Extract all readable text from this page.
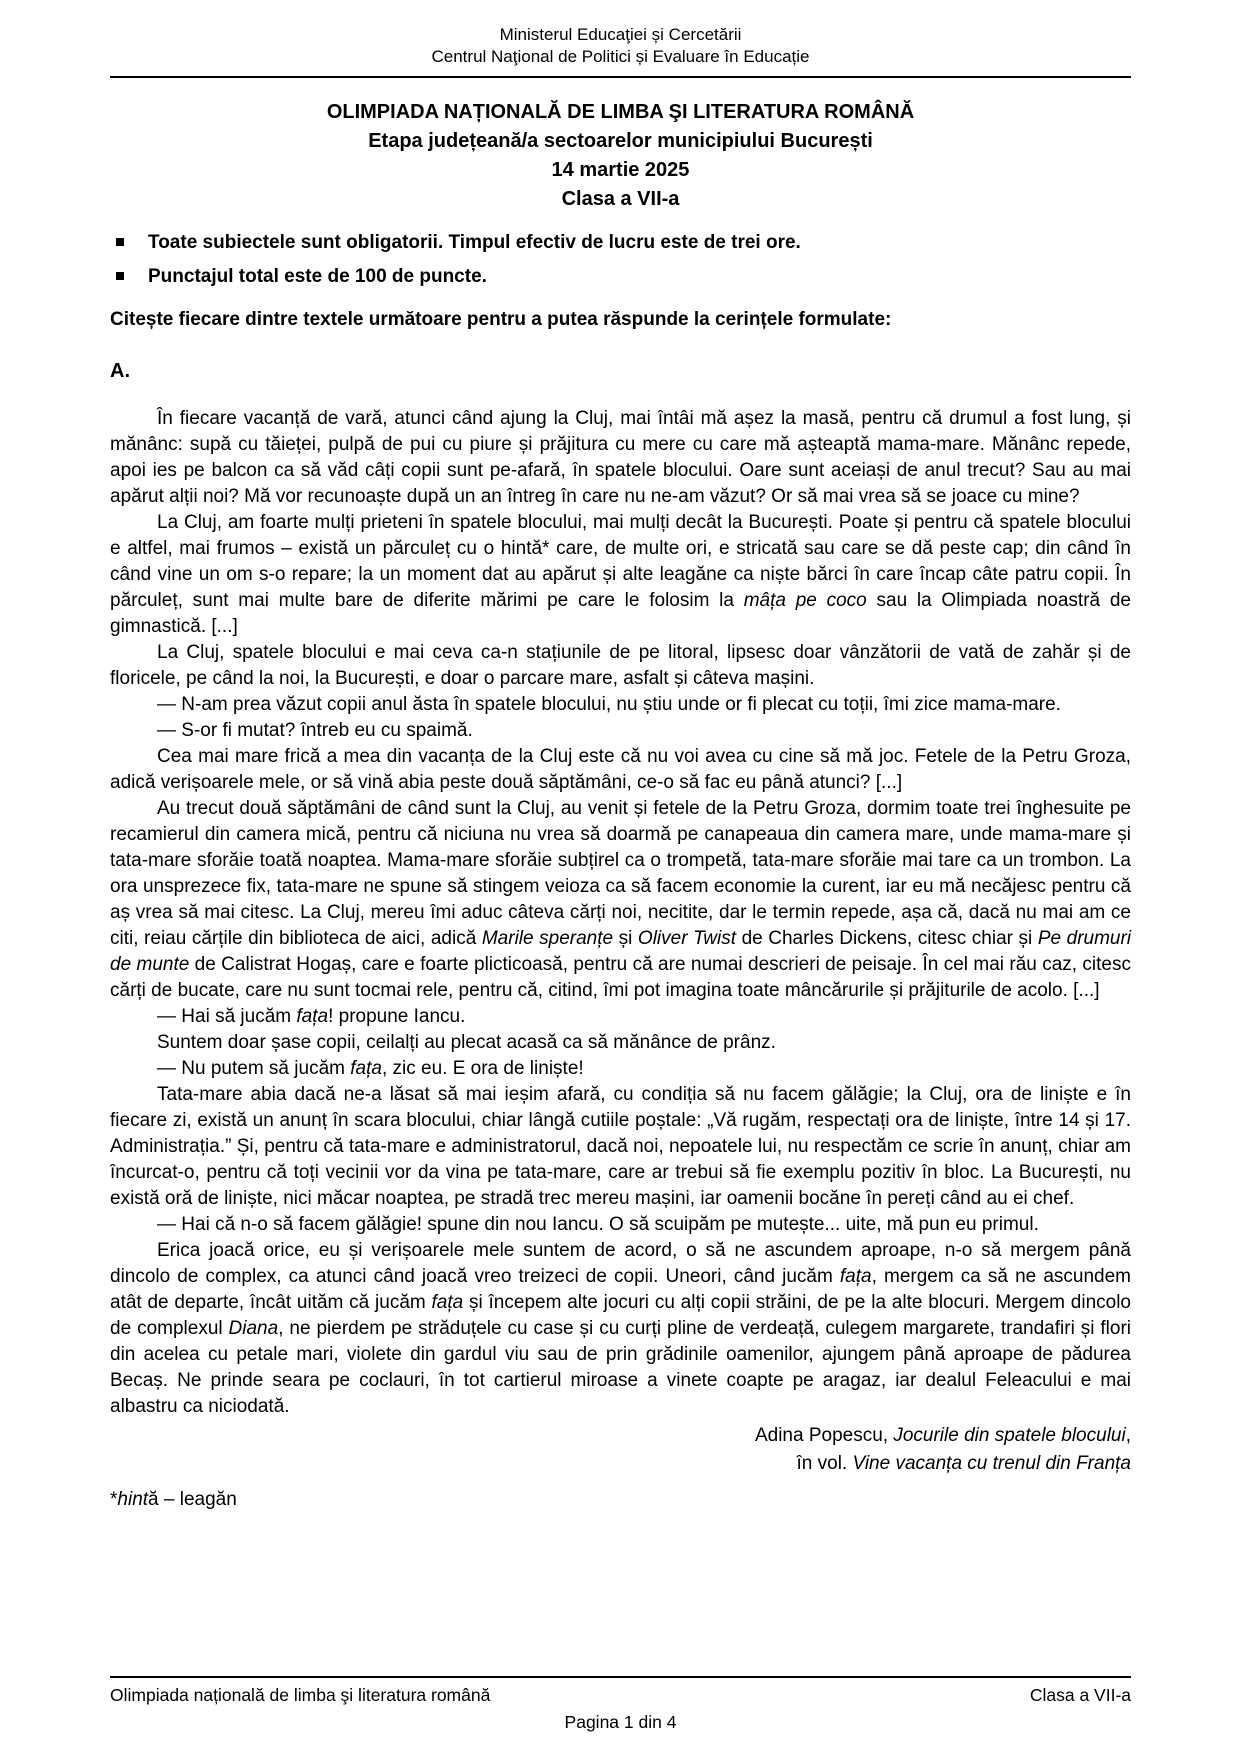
Ministerul Educaţiei și Cercetării
Centrul Naţional de Politici și Evaluare în Educație
OLIMPIADA NAȚIONALĂ DE LIMBA ŞI LITERATURA ROMÂNĂ
Etapa județeană/a sectoarelor municipiului București
14 martie 2025
Clasa a VII-a
Toate subiectele sunt obligatorii. Timpul efectiv de lucru este de trei ore.
Punctajul total este de 100 de puncte.
Citește fiecare dintre textele următoare pentru a putea răspunde la cerințele formulate:
A.

În fiecare vacanță de vară, atunci când ajung la Cluj, mai întâi mă așez la masă, pentru că drumul a fost lung, și mănânc: supă cu tăieței, pulpă de pui cu piure și prăjitura cu mere cu care mă așteaptă mama-mare. Mănânc repede, apoi ies pe balcon ca să văd câți copii sunt pe-afară, în spatele blocului. Oare sunt aceiași de anul trecut? Sau au mai apărut alții noi? Mă vor recunoaște după un an întreg în care nu ne-am văzut? Or să mai vrea să se joace cu mine?

La Cluj, am foarte mulți prieteni în spatele blocului, mai mulți decât la București. Poate și pentru că spatele blocului e altfel, mai frumos – există un părculeț cu o hintă* care, de multe ori, e stricată sau care se dă peste cap; din când în când vine un om s-o repare; la un moment dat au apărut și alte leagăne ca niște bărci în care încap câte patru copii. În părculeț, sunt mai multe bare de diferite mărimi pe care le folosim la mâța pe coco sau la Olimpiada noastră de gimnastică. [...]

La Cluj, spatele blocului e mai ceva ca-n stațiunile de pe litoral, lipsesc doar vânzătorii de vată de zahăr și de floricele, pe când la noi, la București, e doar o parcare mare, asfalt și câteva mașini.

— N-am prea văzut copii anul ăsta în spatele blocului, nu știu unde or fi plecat cu toții, îmi zice mama-mare.

— S-or fi mutat? întreb eu cu spaimă.

Cea mai mare frică a mea din vacanța de la Cluj este că nu voi avea cu cine să mă joc. Fetele de la Petru Groza, adică verișoarele mele, or să vină abia peste două săptămâni, ce-o să fac eu până atunci? [...]

Au trecut două săptămâni de când sunt la Cluj, au venit și fetele de la Petru Groza, dormim toate trei înghesuite pe recamierul din camera mică, pentru că niciuna nu vrea să doarmă pe canapeaua din camera mare, unde mama-mare și tata-mare sforăie toată noaptea. Mama-mare sforăie subțirel ca o trompetă, tata-mare sforăie mai tare ca un trombon. La ora unsprezece fix, tata-mare ne spune să stingem veioza ca să facem economie la curent, iar eu mă necăjesc pentru că aș vrea să mai citesc. La Cluj, mereu îmi aduc câteva cărți noi, necitite, dar le termin repede, așa că, dacă nu mai am ce citi, reiau cărțile din biblioteca de aici, adică Marile speranțe și Oliver Twist de Charles Dickens, citesc chiar și Pe drumuri de munte de Calistrat Hogaș, care e foarte plicticoasă, pentru că are numai descrieri de peisaje. În cel mai rău caz, citesc cărți de bucate, care nu sunt tocmai rele, pentru că, citind, îmi pot imagina toate mâncărurile și prăjiturile de acolo. [...]

— Hai să jucăm fața! propune Iancu.

Suntem doar șase copii, ceilalți au plecat acasă ca să mănânce de prânz.

— Nu putem să jucăm fața, zic eu. E ora de liniște!

Tata-mare abia dacă ne-a lăsat să mai ieșim afară, cu condiția să nu facem gălăgie; la Cluj, ora de liniște e în fiecare zi, există un anunț în scara blocului, chiar lângă cutiile poștale: „Vă rugăm, respectați ora de liniște, între 14 și 17. Administrația.” Și, pentru că tata-mare e administratorul, dacă noi, nepoatele lui, nu respectăm ce scrie în anunț, chiar am încurcat-o, pentru că toți vecinii vor da vina pe tata-mare, care ar trebui să fie exemplu pozitiv în bloc. La București, nu există oră de liniște, nici măcar noaptea, pe stradă trec mereu mașini, iar oamenii bocăne în pereți când au ei chef.

— Hai că n-o să facem gălăgie! spune din nou Iancu. O să scuipăm pe mutește... uite, mă pun eu primul.

Erica joacă orice, eu și verișoarele mele suntem de acord, o să ne ascundem aproape, n-o să mergem până dincolo de complex, ca atunci când joacă vreo treizeci de copii. Uneori, când jucăm fața, mergem ca să ne ascundem atât de departe, încât uităm că jucăm fața și începem alte jocuri cu alți copii străini, de pe la alte blocuri. Mergem dincolo de complexul Diana, ne pierdem pe străduțele cu case și cu curți pline de verdeață, culegem margarete, trandafiri și flori din acelea cu petale mari, violete din gardul viu sau de prin grădinile oamenilor, ajungem până aproape de pădurea Becaș. Ne prinde seara pe coclauri, în tot cartierul miroase a vinete coapte pe aragaz, iar dealul Feleacului e mai albastru ca niciodată.

Adina Popescu, Jocurile din spatele blocului,
în vol. Vine vacanța cu trenul din Franța
*hintă – leagăn
Olimpiada națională de limba şi literatura română	Clasa a VII-a
Pagina 1 din 4
